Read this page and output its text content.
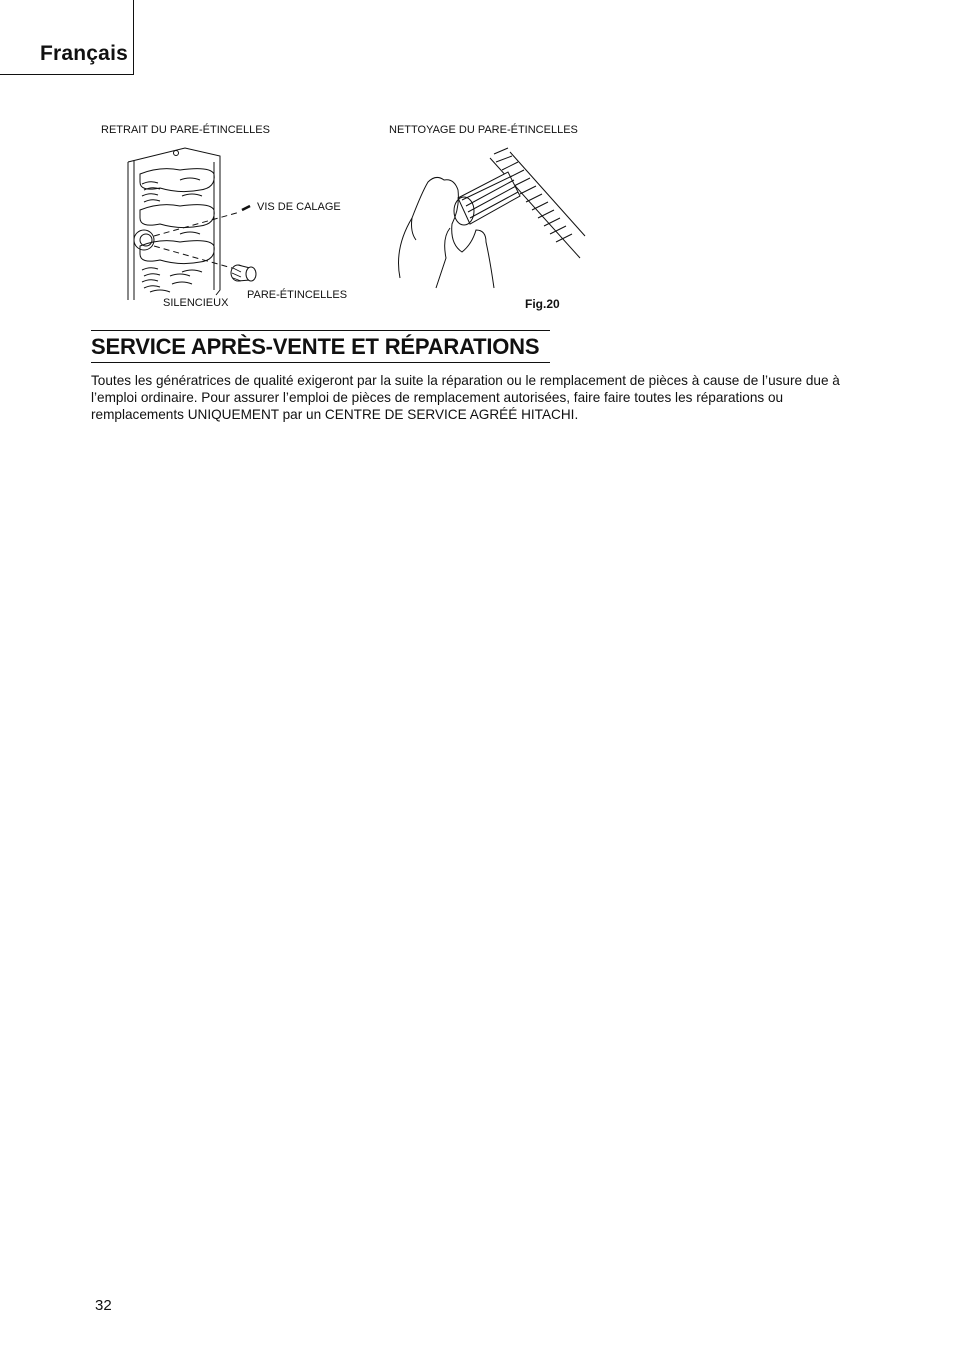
Français
RETRAIT DU PARE-ÉTINCELLES	NETTOYAGE DU PARE-ÉTINCELLES
VIS DE CALAGE
PARE-ÉTINCELLES
SILENCIEUX	Fig.20
SERVICE APRÈS-VENTE ET RÉPARATIONS

Toutes les génératrices de qualité exigeront par la suite la réparation ou le remplacement de pièces à cause de l’usure due à l’emploi ordinaire. Pour assurer l’emploi de pièces de remplacement autorisées, faire faire toutes les réparations ou remplacements UNIQUEMENT par un CENTRE DE SERVICE AGRÉÉ HITACHI.

32
